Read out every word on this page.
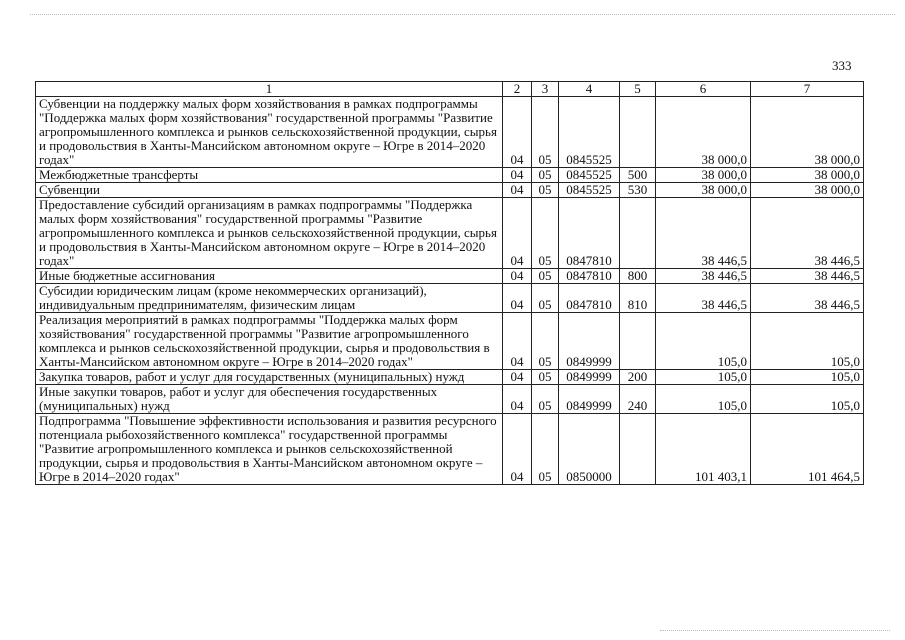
333
1	2	3	4	5	6	7
Субвенции на поддержку малых форм хозяйствования в рамках подпрограммы "Поддержка малых форм хозяйствования" государственной программы "Развитие агропромышленного комплекса и рынков сельскохозяйственной продукции, сырья и продовольствия в Ханты-Мансийском автономном округе – Югре в 2014–2020 годах"	04	05	0845525		38 000,0	38 000,0
Межбюджетные трансферты	04	05	0845525	500	38 000,0	38 000,0
Субвенции	04	05	0845525	530	38 000,0	38 000,0
Предоставление субсидий организациям в рамках подпрограммы "Поддержка малых форм хозяйствования" государственной программы "Развитие агропромышленного комплекса и рынков сельскохозяйственной продукции, сырья и продовольствия в Ханты-Мансийском автономном округе – Югре в 2014–2020 годах"	04	05	0847810		38 446,5	38 446,5
Иные бюджетные ассигнования	04	05	0847810	800	38 446,5	38 446,5
Субсидии юридическим лицам (кроме некоммерческих организаций), индивидуальным предпринимателям, физическим лицам	04	05	0847810	810	38 446,5	38 446,5
Реализация мероприятий в рамках подпрограммы "Поддержка малых форм хозяйствования" государственной программы "Развитие агропромышленного комплекса и рынков сельскохозяйственной продукции, сырья и продовольствия в Ханты-Мансийском автономном округе – Югре в 2014–2020 годах"	04	05	0849999		105,0	105,0
Закупка товаров, работ и услуг для государственных (муниципальных) нужд	04	05	0849999	200	105,0	105,0
Иные закупки товаров, работ и услуг для обеспечения государственных (муниципальных) нужд	04	05	0849999	240	105,0	105,0
Подпрограмма "Повышение эффективности использования и развития ресурсного потенциала рыбохозяйственного комплекса" государственной программы "Развитие агропромышленного комплекса и рынков сельскохозяйственной продукции, сырья и продовольствия в Ханты-Мансийском автономном округе – Югре в 2014–2020 годах"	04	05	0850000		101 403,1	101 464,5
